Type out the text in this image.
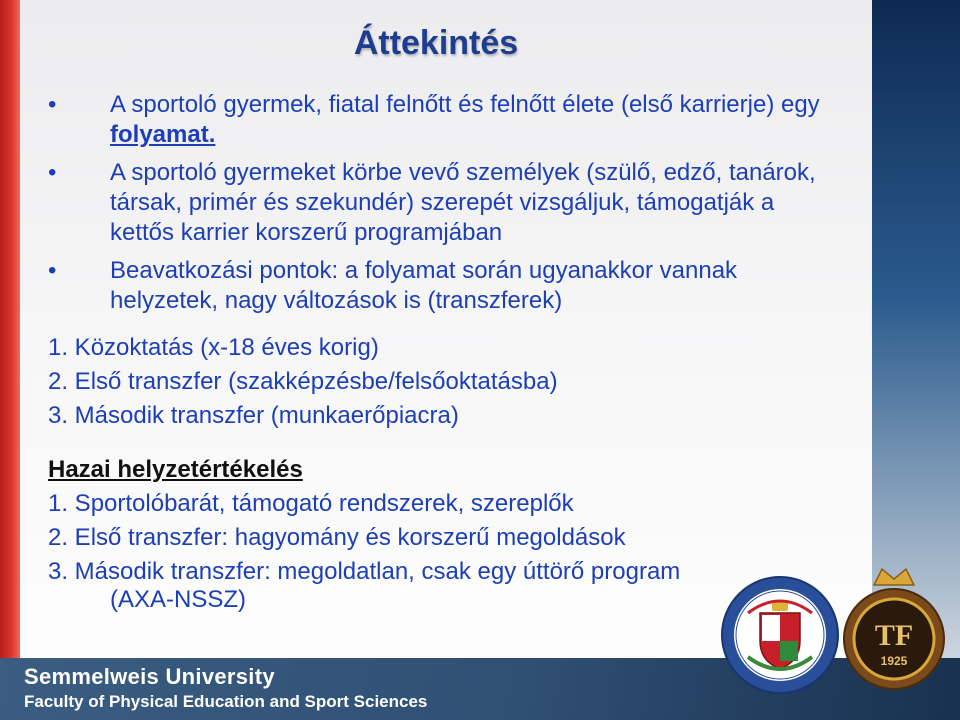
Áttekintés
• A sportoló gyermek, fiatal felnőtt és felnőtt élete (első karrierje) egy folyamat.
• A sportoló gyermeket körbe vevő személyek (szülő, edző, tanárok, társak, primér és szekundér) szerepét vizsgáljuk, támogatják a kettős karrier korszerű programjában
• Beavatkozási pontok: a folyamat során ugyanakkor vannak helyzetek, nagy változások is (transzferek)
1. Közoktatás (x-18 éves korig)
2. Első transzfer (szakképzésbe/felsőoktatásba)
3. Második transzfer (munkaerőpiacra)
Hazai helyzetértékelés
1. Sportolóbarát, támogató rendszerek, szereplők
2. Első transzfer: hagyomány és korszerű megoldások
3. Második transzfer: megoldatlan, csak egy úttörő program
(AXA-NSSZ)
Semmelweis University
Faculty of Physical Education and Sport Sciences
TF
1925
